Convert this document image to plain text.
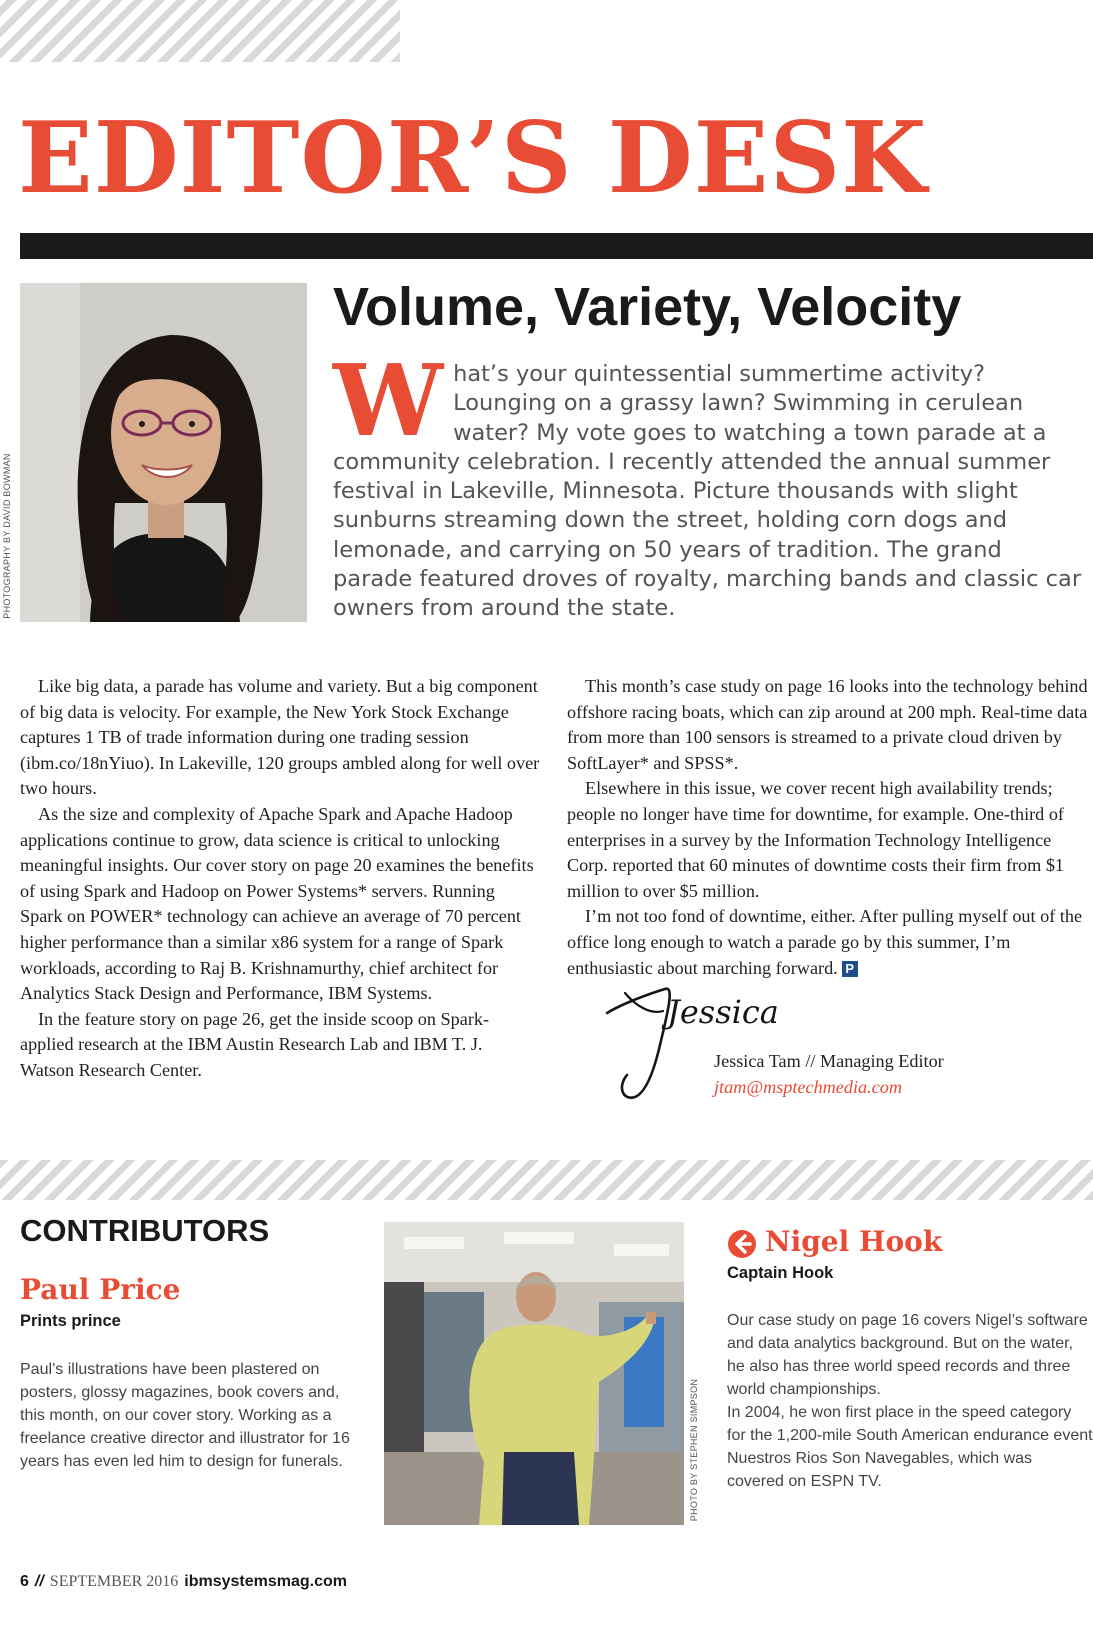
EDITOR’S DESK
PHOTOGRAPHY BY DAVID BOWMAN
Volume, Variety, Velocity

What’s your quintessential summertime activity? Lounging on a grassy lawn? Swimming in cerulean water? My vote goes to watching a town parade at a community celebration. I recently attended the annual summer festival in Lakeville, Minnesota. Picture thousands with slight sunburns streaming down the street, holding corn dogs and lemonade, and carrying on 50 years of tradition. The grand parade featured droves of royalty, marching bands and classic car owners from around the state.

Like big data, a parade has volume and variety. But a big component of big data is velocity. For example, the New York Stock Exchange captures 1 TB of trade information during one trading session (ibm.co/18nYiuo). In Lakeville, 120 groups ambled along for well over two hours.

As the size and complexity of Apache Spark and Apache Hadoop applications continue to grow, data science is critical to unlocking meaningful insights. Our cover story on page 20 examines the benefits of using Spark and Hadoop on Power Systems* servers. Running Spark on POWER* technology can achieve an average of 70 percent higher performance than a similar x86 system for a range of Spark workloads, according to Raj B. Krishnamurthy, chief architect for Analytics Stack Design and Performance, IBM Systems.

In the feature story on page 26, get the inside scoop on Spark-applied research at the IBM Austin Research Lab and IBM T. J. Watson Research Center.

This month’s case study on page 16 looks into the technology behind offshore racing boats, which can zip around at 200 mph. Real-time data from more than 100 sensors is streamed to a private cloud driven by SoftLayer* and SPSS*.

Elsewhere in this issue, we cover recent high availability trends; people no longer have time for downtime, for example. One-third of enterprises in a survey by the Information Technology Intelligence Corp. reported that 60 minutes of downtime costs their firm from $1 million to over $5 million.

I’m not too fond of downtime, either. After pulling myself out of the office long enough to watch a parade go by this summer, I’m enthusiastic about marching forward. P

Jessica
Jessica Tam // Managing Editor
jtam@msptechmedia.com
CONTRIBUTORS
Paul Price
Prints prince

Paul’s illustrations have been plastered on posters, glossy magazines, book covers and, this month, on our cover story. Working as a freelance creative director and illustrator for 16 years has even led him to design for funerals.	PHOTO BY STEPHEN SIMPSON
Nigel Hook
Captain Hook
Our case study on page 16 covers Nigel’s software and data analytics background. But on the water, he also has three world speed records and three world championships.
In 2004, he won first place in the speed category for the 1,200-mile South American endurance event Nuestros Rios Son Navegables, which was covered on ESPN TV.
6 // SEPTEMBER 2016 ibmsystemsmag.com
